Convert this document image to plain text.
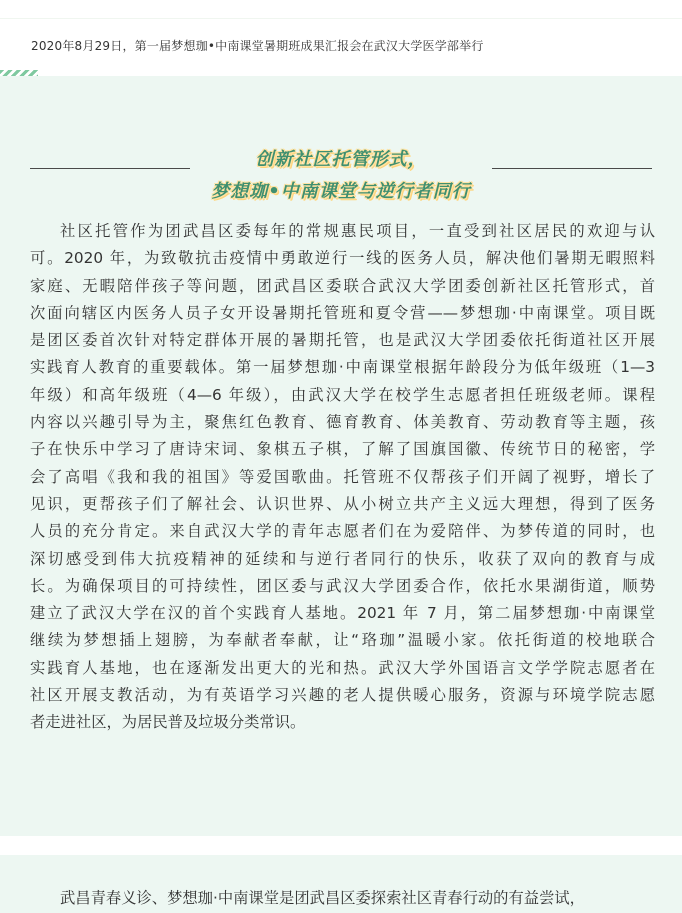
2020年8月29日，第一届梦想珈•中南课堂暑期班成果汇报会在武汉大学医学部举行
创新社区托管形式，
梦想珈•中南课堂与逆行者同行
社区托管作为团武昌区委每年的常规惠民项目，一直受到社区居民的欢迎与认
可。2020 年，为致敬抗击疫情中勇敢逆行一线的医务人员，解决他们暑期无暇照料
家庭、无暇陪伴孩子等问题，团武昌区委联合武汉大学团委创新社区托管形式，首
次面向辖区内医务人员子女开设暑期托管班和夏令营——梦想珈·中南课堂。项目既
是团区委首次针对特定群体开展的暑期托管，也是武汉大学团委依托街道社区开展
实践育人教育的重要载体。第一届梦想珈·中南课堂根据年龄段分为低年级班（1—3
年级）和高年级班（4—6 年级），由武汉大学在校学生志愿者担任班级老师。课程
内容以兴趣引导为主，聚焦红色教育、德育教育、体美教育、劳动教育等主题，孩
子在快乐中学习了唐诗宋词、象棋五子棋，了解了国旗国徽、传统节日的秘密，学
会了高唱《我和我的祖国》等爱国歌曲。托管班不仅帮孩子们开阔了视野，增长了
见识，更帮孩子们了解社会、认识世界、从小树立共产主义远大理想，得到了医务
人员的充分肯定。来自武汉大学的青年志愿者们在为爱陪伴、为梦传道的同时，也
深切感受到伟大抗疫精神的延续和与逆行者同行的快乐，收获了双向的教育与成
长。为确保项目的可持续性，团区委与武汉大学团委合作，依托水果湖街道，顺势
建立了武汉大学在汉的首个实践育人基地。2021 年 7 月，第二届梦想珈·中南课堂
继续为梦想插上翅膀，为奉献者奉献，让“珞珈”温暖小家。依托街道的校地联合
实践育人基地，也在逐渐发出更大的光和热。武汉大学外国语言文学学院志愿者在
社区开展支教活动，为有英语学习兴趣的老人提供暖心服务，资源与环境学院志愿
者走进社区，为居民普及垃圾分类常识。
武昌青春义诊、梦想珈·中南课堂是团武昌区委探索社区青春行动的有益尝试，
